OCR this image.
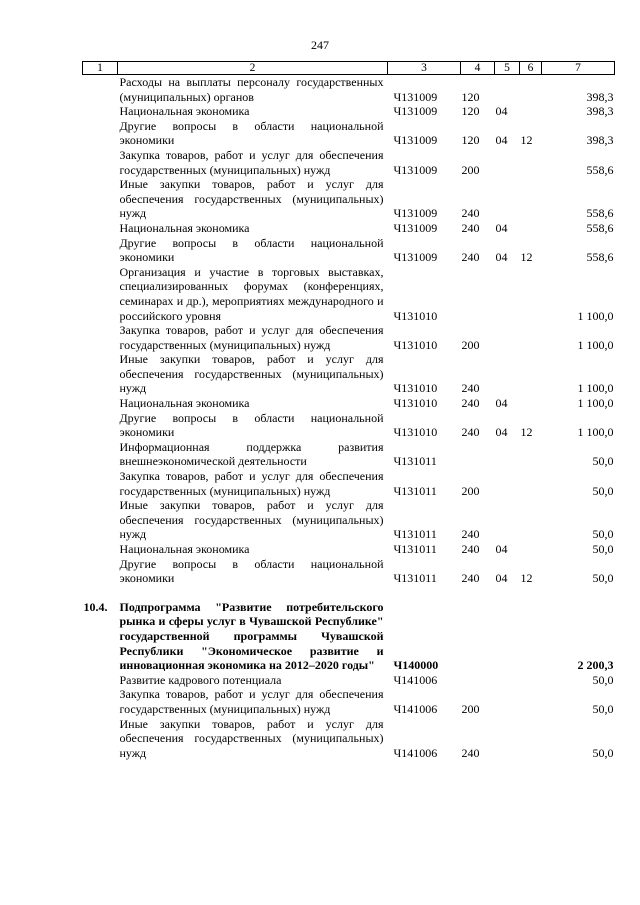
247
1	2	3	4	5	6	7
	Расходы на выплаты персоналу государственных (муниципальных) органов	Ч131009	120			398,3
	Национальная экономика	Ч131009	120	04		398,3
	Другие вопросы в области национальной экономики	Ч131009	120	04	12	398,3
	Закупка товаров, работ и услуг для обеспечения государственных (муниципальных) нужд	Ч131009	200			558,6
	Иные закупки товаров, работ и услуг для обеспечения государственных (муниципальных) нужд	Ч131009	240			558,6
	Национальная экономика	Ч131009	240	04		558,6
	Другие вопросы в области национальной экономики	Ч131009	240	04	12	558,6
	Организация и участие в торговых выставках, специализированных форумах (конференциях, семинарах и др.), мероприятиях международного и российского уровня	Ч131010				1 100,0
	Закупка товаров, работ и услуг для обеспечения государственных (муниципальных) нужд	Ч131010	200			1 100,0
	Иные закупки товаров, работ и услуг для обеспечения государственных (муниципальных) нужд	Ч131010	240			1 100,0
	Национальная экономика	Ч131010	240	04		1 100,0
	Другие вопросы в области национальной экономики	Ч131010	240	04	12	1 100,0
	Информационная поддержка развития внешнеэкономической деятельности	Ч131011				50,0
	Закупка товаров, работ и услуг для обеспечения государственных (муниципальных) нужд	Ч131011	200			50,0
	Иные закупки товаров, работ и услуг для обеспечения государственных (муниципальных) нужд	Ч131011	240			50,0
	Национальная экономика	Ч131011	240	04		50,0
	Другие вопросы в области национальной экономики	Ч131011	240	04	12	50,0
10.4.	Подпрограмма "Развитие потребительского рынка и сферы услуг в Чувашской Республике" государственной программы Чувашской Республики "Экономическое развитие и инновационная экономика на 2012–2020 годы"	Ч140000				2 200,3
	Развитие кадрового потенциала	Ч141006				50,0
	Закупка товаров, работ и услуг для обеспечения государственных (муниципальных) нужд	Ч141006	200			50,0
	Иные закупки товаров, работ и услуг для обеспечения государственных (муниципальных) нужд	Ч141006	240			50,0
